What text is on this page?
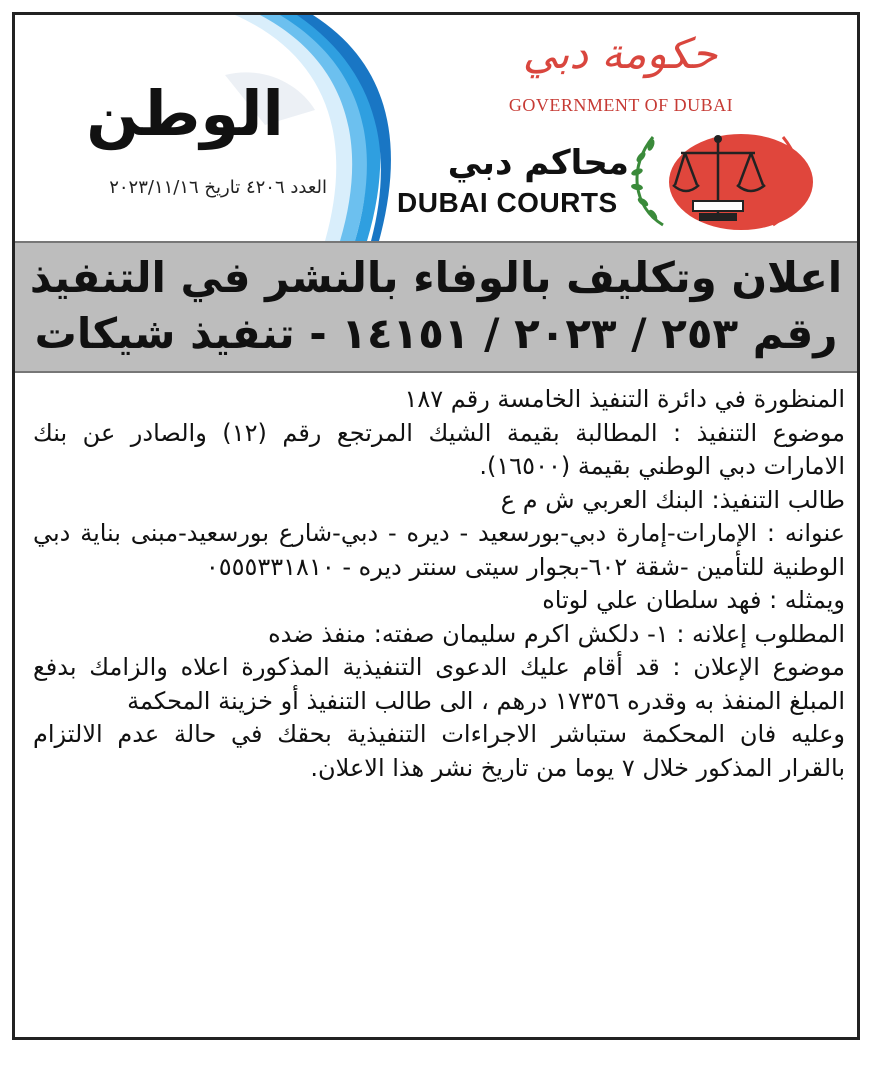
الوطن
العدد ٤٢٠٦ تاريخ ٢٠٢٣/١١/١٦
حكومة دبي
GOVERNMENT OF DUBAI
محاكم دبي
DUBAI COURTS
اعلان وتكليف بالوفاء بالنشر في التنفيذ
رقم ٢٥٣ / ٢٠٢٣ / ١٤١٥١ - تنفيذ شيكات

المنظورة في دائرة التنفيذ الخامسة رقم ١٨٧

موضوع التنفيذ : المطالبة بقيمة الشيك المرتجع رقم (١٢) والصادر عن بنك الامارات دبي الوطني بقيمة (١٦٥٠٠).

طالب التنفيذ: البنك العربي ش م ع

عنوانه : الإمارات-إمارة دبي-بورسعيد - ديره - دبي-شارع بورسعيد-مبنى بناية دبي الوطنية للتأمين -شقة ٦٠٢-بجوار سيتى سنتر ديره - ٠٥٥٥٣٣١٨١٠

ويمثله : فهد سلطان علي لوتاه

المطلوب إعلانه : ١- دلكش اكرم سليمان صفته: منفذ ضده

موضوع الإعلان : قد أقام عليك الدعوى التنفيذية المذكورة اعلاه والزامك بدفع المبلغ المنفذ به وقدره ١٧٣٥٦ درهم ، الى طالب التنفيذ أو خزينة المحكمة

وعليه فان المحكمة ستباشر الاجراءات التنفيذية بحقك في حالة عدم الالتزام بالقرار المذكور خلال ٧ يوما من تاريخ نشر هذا الاعلان.
